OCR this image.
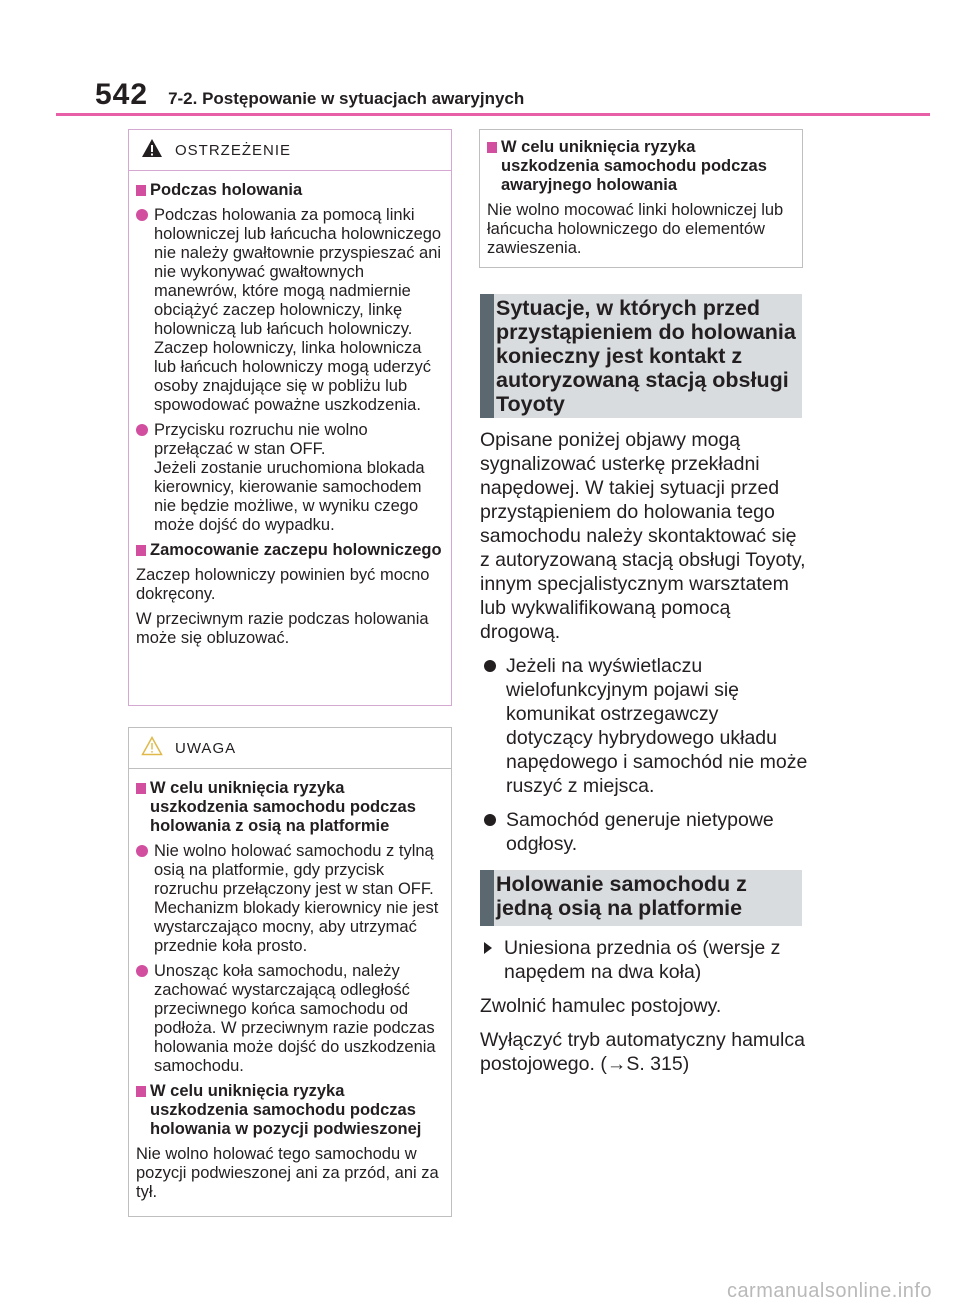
542 7-2. Postępowanie w sytuacjach awaryjnych
OSTRZEŻENIE
Podczas holowania
Podczas holowania za pomocą linki holowniczej lub łańcucha holowniczego nie należy gwałtownie przyspieszać ani nie wykonywać gwałtownych manewrów, które mogą nadmiernie obciążyć zaczep holowniczy, linkę holowniczą lub łańcuch holowniczy. Zaczep holowniczy, linka holownicza lub łańcuch holowniczy mogą uderzyć osoby znajdujące się w pobliżu lub spowodować poważne uszkodzenia.
Przycisku rozruchu nie wolno przełączać w stan OFF.
Jeżeli zostanie uruchomiona blokada kierownicy, kierowanie samochodem nie będzie możliwe, w wyniku czego może dojść do wypadku.
Zamocowanie zaczepu holowniczego
Zaczep holowniczy powinien być mocno dokręcony.
W przeciwnym razie podczas holowania może się obluzować.
UWAGA
W celu uniknięcia ryzyka uszkodzenia samochodu podczas holowania z osią na platformie
Nie wolno holować samochodu z tylną osią na platformie, gdy przycisk rozruchu przełączony jest w stan OFF. Mechanizm blokady kierownicy nie jest wystarczająco mocny, aby utrzymać przednie koła prosto.
Unosząc koła samochodu, należy zachować wystarczającą odległość przeciwnego końca samochodu od podłoża. W przeciwnym razie podczas holowania może dojść do uszkodzenia samochodu.
W celu uniknięcia ryzyka uszkodzenia samochodu podczas holowania w pozycji podwieszonej
Nie wolno holować tego samochodu w pozycji podwieszonej ani za przód, ani za tył.
W celu uniknięcia ryzyka uszkodzenia samochodu podczas awaryjnego holowania
Nie wolno mocować linki holowniczej lub łańcucha holowniczego do elementów zawieszenia.
Sytuacje, w których przed przystąpieniem do holowania konieczny jest kontakt z autoryzowaną stacją obsługi Toyoty
Opisane poniżej objawy mogą sygnalizować usterkę przekładni napędowej. W takiej sytuacji przed przystąpieniem do holowania tego samochodu należy skontaktować się z autoryzowaną stacją obsługi Toyoty, innym specjalistycznym warsztatem lub wykwalifikowaną pomocą drogową.
Jeżeli na wyświetlaczu wielofunkcyjnym pojawi się komunikat ostrzegawczy dotyczący hybrydowego układu napędowego i samochód nie może ruszyć z miejsca.
Samochód generuje nietypowe odgłosy.
Holowanie samochodu z jedną osią na platformie
Uniesiona przednia oś (wersje z napędem na dwa koła)
Zwolnić hamulec postojowy.
Wyłączyć tryb automatyczny hamulca postojowego. (→S. 315)
carmanualsonline.info
